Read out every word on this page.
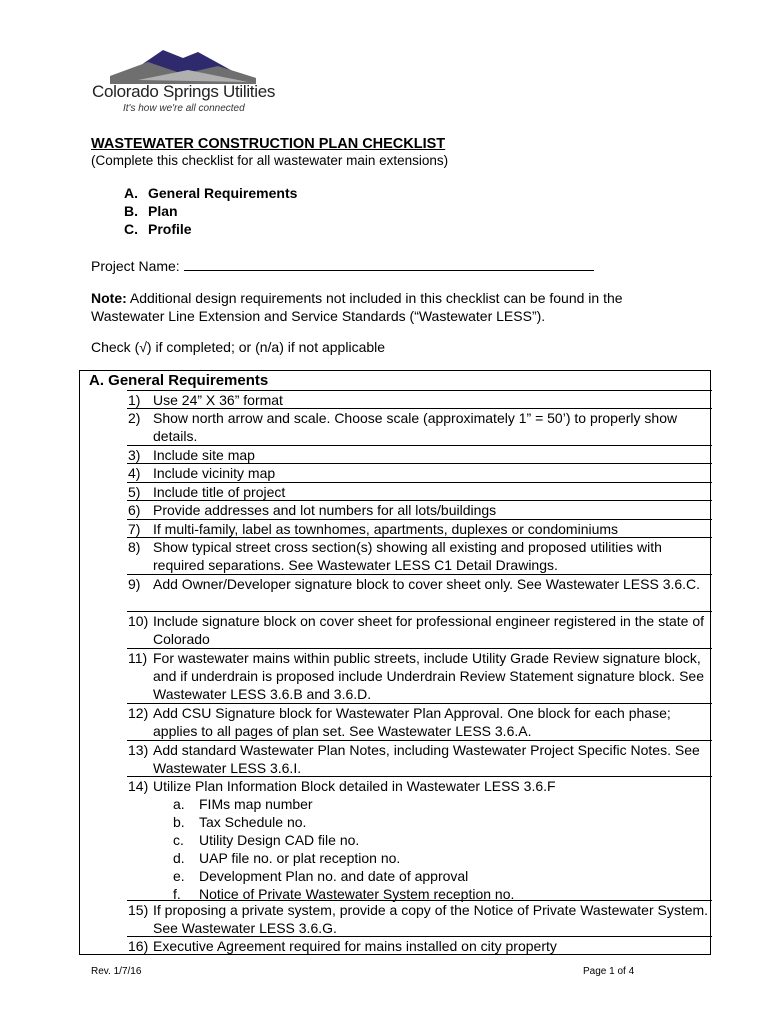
Colorado Springs Utilities
It's how we're all connected
WASTEWATER CONSTRUCTION PLAN CHECKLIST
(Complete this checklist for all wastewater main extensions)
A. General Requirements
B. Plan
C. Profile
Project Name:
Note: Additional design requirements not included in this checklist can be found in the Wastewater Line Extension and Service Standards (“Wastewater LESS”).
Check (√) if completed; or (n/a) if not applicable
A. General Requirements
1) Use 24” X 36” format
2) Show north arrow and scale. Choose scale (approximately 1” = 50’) to properly show details.
3) Include site map
4) Include vicinity map
5) Include title of project
6) Provide addresses and lot numbers for all lots/buildings
7) If multi-family, label as townhomes, apartments, duplexes or condominiums
8) Show typical street cross section(s) showing all existing and proposed utilities with required separations. See Wastewater LESS C1 Detail Drawings.
9) Add Owner/Developer signature block to cover sheet only. See Wastewater LESS 3.6.C.
10) Include signature block on cover sheet for professional engineer registered in the state of Colorado
11) For wastewater mains within public streets, include Utility Grade Review signature block, and if underdrain is proposed include Underdrain Review Statement signature block. See Wastewater LESS 3.6.B and 3.6.D.
12) Add CSU Signature block for Wastewater Plan Approval. One block for each phase; applies to all pages of plan set. See Wastewater LESS 3.6.A.
13) Add standard Wastewater Plan Notes, including Wastewater Project Specific Notes. See Wastewater LESS 3.6.I.
14) Utilize Plan Information Block detailed in Wastewater LESS 3.6.F
a. FIMs map number
b. Tax Schedule no.
c. Utility Design CAD file no.
d. UAP file no. or plat reception no.
e. Development Plan no. and date of approval
f. Notice of Private Wastewater System reception no.
15) If proposing a private system, provide a copy of the Notice of Private Wastewater System. See Wastewater LESS 3.6.G.
16) Executive Agreement required for mains installed on city property
Rev. 1/7/16	Page 1 of 4
